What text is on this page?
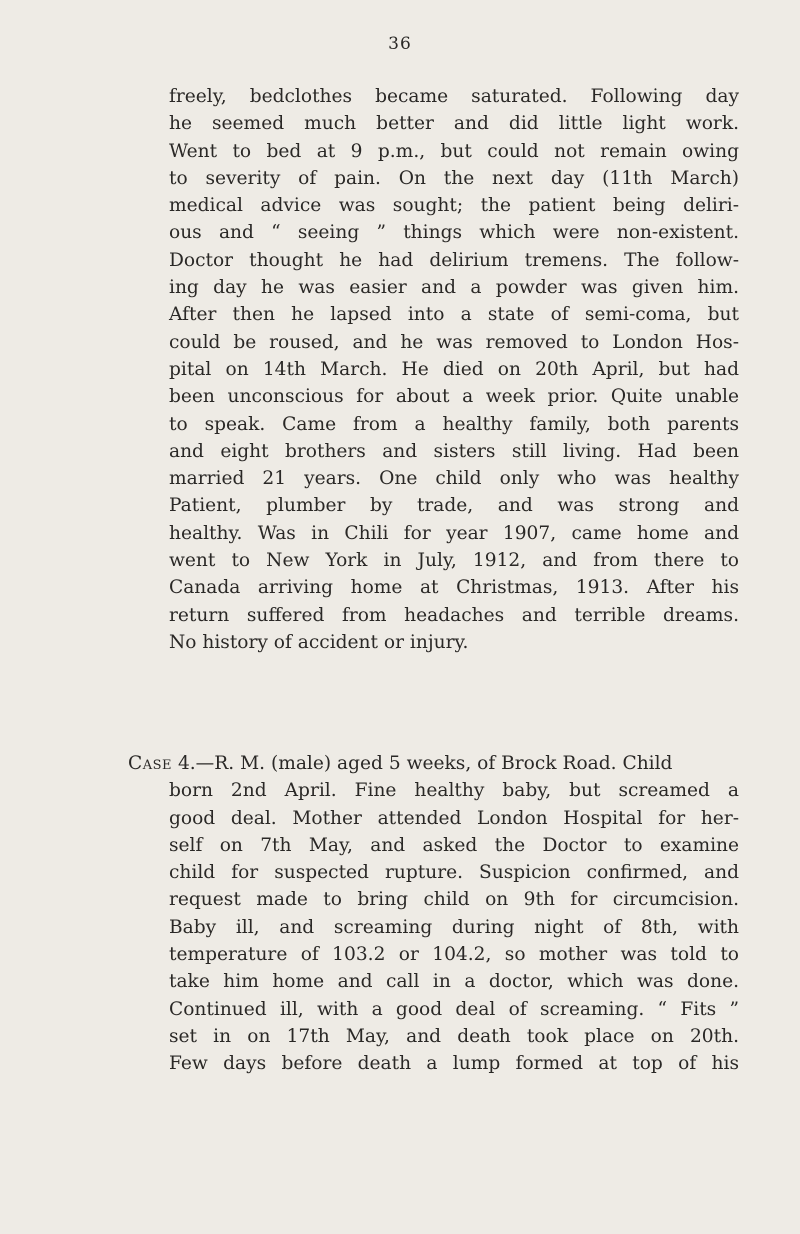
36
freely, bedclothes became saturated. Following day
he seemed much better and did little light work.
Went to bed at 9 p.m., but could not remain owing
to severity of pain. On the next day (11th March)
medical advice was sought; the patient being deliri-
ous and “ seeing ” things which were non-existent.
Doctor thought he had delirium tremens. The follow-
ing day he was easier and a powder was given him.
After then he lapsed into a state of semi-coma, but
could be roused, and he was removed to London Hos-
pital on 14th March. He died on 20th April, but had
been unconscious for about a week prior. Quite unable
to speak. Came from a healthy family, both parents
and eight brothers and sisters still living. Had been
married 21 years. One child only who was healthy
Patient, plumber by trade, and was strong and
healthy. Was in Chili for year 1907, came home and
went to New York in July, 1912, and from there to
Canada arriving home at Christmas, 1913. After his
return suffered from headaches and terrible dreams.
No history of accident or injury.
Case 4.—R. M. (male) aged 5 weeks, of Brock Road. Child
born 2nd April. Fine healthy baby, but screamed a
good deal. Mother attended London Hospital for her-
self on 7th May, and asked the Doctor to examine
child for suspected rupture. Suspicion confirmed, and
request made to bring child on 9th for circumcision.
Baby ill, and screaming during night of 8th, with
temperature of 103.2 or 104.2, so mother was told to
take him home and call in a doctor, which was done.
Continued ill, with a good deal of screaming. “ Fits ”
set in on 17th May, and death took place on 20th.
Few days before death a lump formed at top of his
